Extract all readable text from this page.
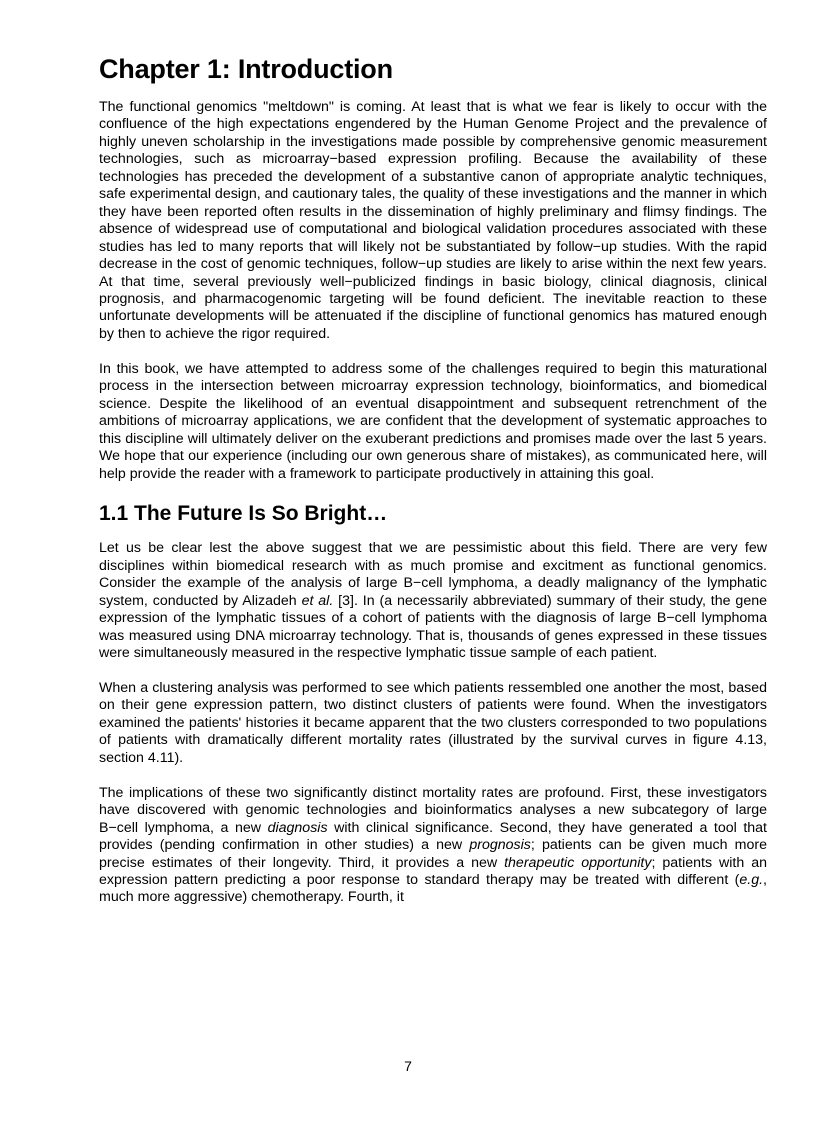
Chapter 1: Introduction

The functional genomics "meltdown" is coming. At least that is what we fear is likely to occur with the confluence of the high expectations engendered by the Human Genome Project and the prevalence of highly uneven scholarship in the investigations made possible by comprehensive genomic measurement technologies, such as microarray−based expression profiling. Because the availability of these technologies has preceded the development of a substantive canon of appropriate analytic techniques, safe experimental design, and cautionary tales, the quality of these investigations and the manner in which they have been reported often results in the dissemination of highly preliminary and flimsy findings. The absence of widespread use of computational and biological validation procedures associated with these studies has led to many reports that will likely not be substantiated by follow−up studies. With the rapid decrease in the cost of genomic techniques, follow−up studies are likely to arise within the next few years. At that time, several previously well−publicized findings in basic biology, clinical diagnosis, clinical prognosis, and pharmacogenomic targeting will be found deficient. The inevitable reaction to these unfortunate developments will be attenuated if the discipline of functional genomics has matured enough by then to achieve the rigor required.

In this book, we have attempted to address some of the challenges required to begin this maturational process in the intersection between microarray expression technology, bioinformatics, and biomedical science. Despite the likelihood of an eventual disappointment and subsequent retrenchment of the ambitions of microarray applications, we are confident that the development of systematic approaches to this discipline will ultimately deliver on the exuberant predictions and promises made over the last 5 years. We hope that our experience (including our own generous share of mistakes), as communicated here, will help provide the reader with a framework to participate productively in attaining this goal.

1.1 The Future Is So Bright…

Let us be clear lest the above suggest that we are pessimistic about this field. There are very few disciplines within biomedical research with as much promise and excitment as functional genomics. Consider the example of the analysis of large B−cell lymphoma, a deadly malignancy of the lymphatic system, conducted by Alizadeh et al. [3]. In (a necessarily abbreviated) summary of their study, the gene expression of the lymphatic tissues of a cohort of patients with the diagnosis of large B−cell lymphoma was measured using DNA microarray technology. That is, thousands of genes expressed in these tissues were simultaneously measured in the respective lymphatic tissue sample of each patient.

When a clustering analysis was performed to see which patients ressembled one another the most, based on their gene expression pattern, two distinct clusters of patients were found. When the investigators examined the patients' histories it became apparent that the two clusters corresponded to two populations of patients with dramatically different mortality rates (illustrated by the survival curves in figure 4.13, section 4.11).

The implications of these two significantly distinct mortality rates are profound. First, these investigators have discovered with genomic technologies and bioinformatics analyses a new subcategory of large B−cell lymphoma, a new diagnosis with clinical significance. Second, they have generated a tool that provides (pending confirmation in other studies) a new prognosis; patients can be given much more precise estimates of their longevity. Third, it provides a new therapeutic opportunity; patients with an expression pattern predicting a poor response to standard therapy may be treated with different (e.g., much more aggressive) chemotherapy. Fourth, it

7
